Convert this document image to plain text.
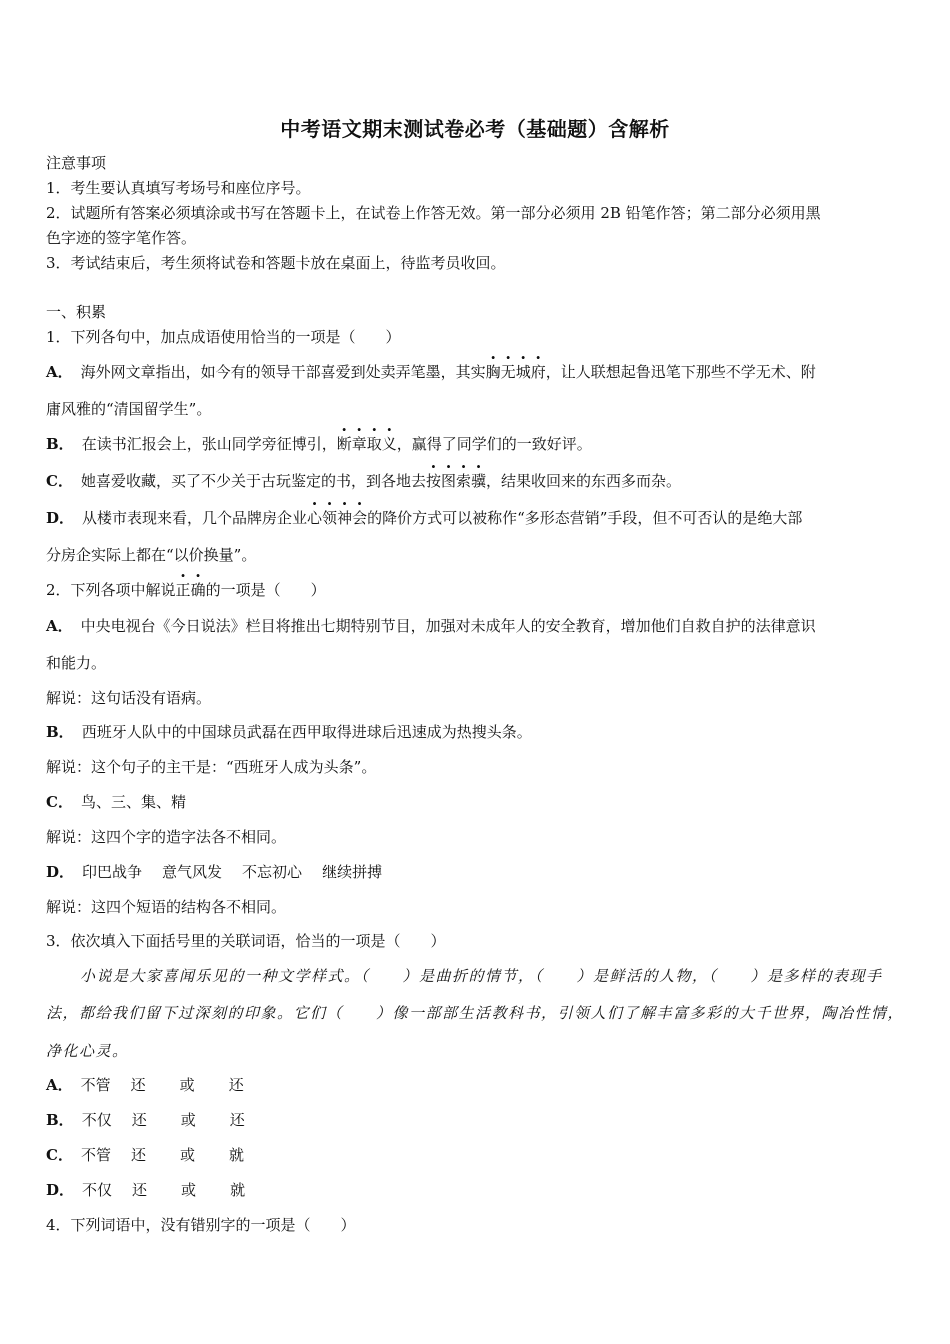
中考语文期末测试卷必考（基础题）含解析
注意事项
1．考生要认真填写考场号和座位序号。
2．试题所有答案必须填涂或书写在答题卡上，在试卷上作答无效。第一部分必须用 2B 铅笔作答；第二部分必须用黑
色字迹的签字笔作答。
3．考试结束后，考生须将试卷和答题卡放在桌面上，待监考员收回。
一、积累
1．下列各句中，加点成语使用恰当的一项是（　　）
A． 海外网文章指出，如今有的领导干部喜爱到处卖弄笔墨，其实胸无城府，让人联想起鲁迅笔下那些不学无术、附
庸风雅的“清国留学生”。
B． 在读书汇报会上，张山同学旁征博引，断章取义，赢得了同学们的一致好评。
C． 她喜爱收藏，买了不少关于古玩鉴定的书，到各地去按图索骥，结果收回来的东西多而杂。
D． 从楼市表现来看，几个品牌房企业心领神会的降价方式可以被称作“多形态营销”手段，但不可否认的是绝大部
分房企实际上都在“以价换量”。
2．下列各项中解说正确的一项是（　　）
A． 中央电视台《今日说法》栏目将推出七期特别节目，加强对未成年人的安全教育，增加他们自救自护的法律意识
和能力。
解说：这句话没有语病。
B． 西班牙人队中的中国球员武磊在西甲取得进球后迅速成为热搜头条。
解说：这个句子的主干是：“西班牙人成为头条”。
C． 鸟、三、集、精
解说：这四个字的造字法各不相同。
D． 印巴战争 意气风发 不忘初心 继续拼搏
解说：这四个短语的结构各不相同。
3．依次填入下面括号里的关联词语，恰当的一项是（　　）
小说是大家喜闻乐见的一种文学样式。（　　）是曲折的情节，（　　）是鲜活的人物，（　　）是多样的表现手
法，都给我们留下过深刻的印象。它们（　　）像一部部生活教科书，引领人们了解丰富多彩的大千世界，陶冶性情，
净化心灵。
A． 不管 还 或 还
B． 不仅 还 或 还
C． 不管 还 或 就
D． 不仅 还 或 就
4．下列词语中，没有错别字的一项是（　　）
